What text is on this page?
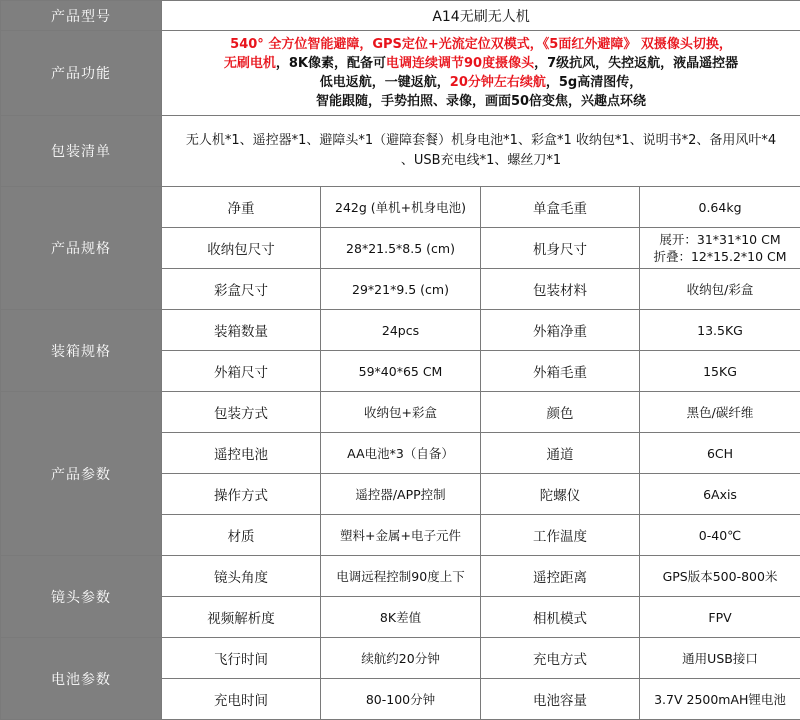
产品型号	A14无刷无人机			
产品功能	540° 全方位智能避障，GPS定位+光流定位双模式，《5面红外避障》 双摄像头切换，
无刷电机，8K像素，配备可电调连续调节90度摄像头，7级抗风，失控返航，液晶遥控器
低电返航，一键返航，20分钟左右续航，5g高清图传，
智能跟随，手势拍照、录像，画面50倍变焦，兴趣点环绕			
包装清单	无人机*1、遥控器*1、避障头*1（避障套餐）机身电池*1、彩盒*1 收纳包*1、说明书*2、备用风叶*4
、USB充电线*1、螺丝刀*1			
产品规格	净重	242g (单机+机身电池)	单盒毛重	0.64kg
	收纳包尺寸	28*21.5*8.5 (cm)	机身尺寸	展开：31*31*10 CM
折叠：12*15.2*10 CM

	彩盒尺寸	29*21*9.5 (cm)	包装材料	收纳包/彩盒
装箱规格	装箱数量	24pcs	外箱净重	13.5KG
	外箱尺寸	59*40*65 CM	外箱毛重	15KG
产品参数	包装方式	收纳包+彩盒	颜色	黑色/碳纤维
	遥控电池	AA电池*3（自备）	通道	6CH
	操作方式	遥控器/APP控制	陀螺仪	6Axis
	材质	塑料+金属+电子元件	工作温度	0-40℃
镜头参数	镜头角度	电调远程控制90度上下	遥控距离	GPS版本500-800米
	视频解析度	8K差值	相机模式	FPV
电池参数	飞行时间	续航约20分钟	充电方式	通用USB接口
	充电时间	80-100分钟	电池容量	3.7V 2500mAH锂电池
